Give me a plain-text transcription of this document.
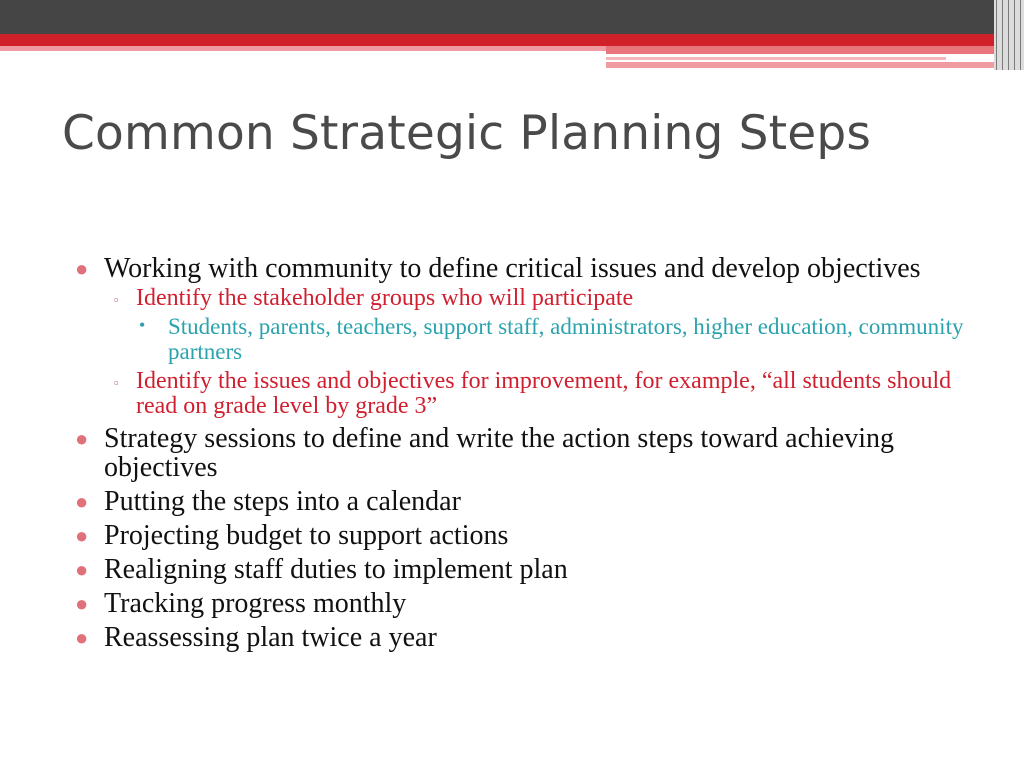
Common Strategic Planning Steps
● Working with community to define critical issues and develop objectives
▫ Identify the stakeholder groups who will participate
• Students, parents, teachers, support staff, administrators, higher education, community partners
▫ Identify the issues and objectives for improvement, for example, “all students should read on grade level by grade 3”
● Strategy sessions to define and write the action steps toward achieving objectives
● Putting the steps into a calendar
● Projecting budget to support actions
● Realigning staff duties to implement plan
● Tracking progress monthly
● Reassessing plan twice a year
